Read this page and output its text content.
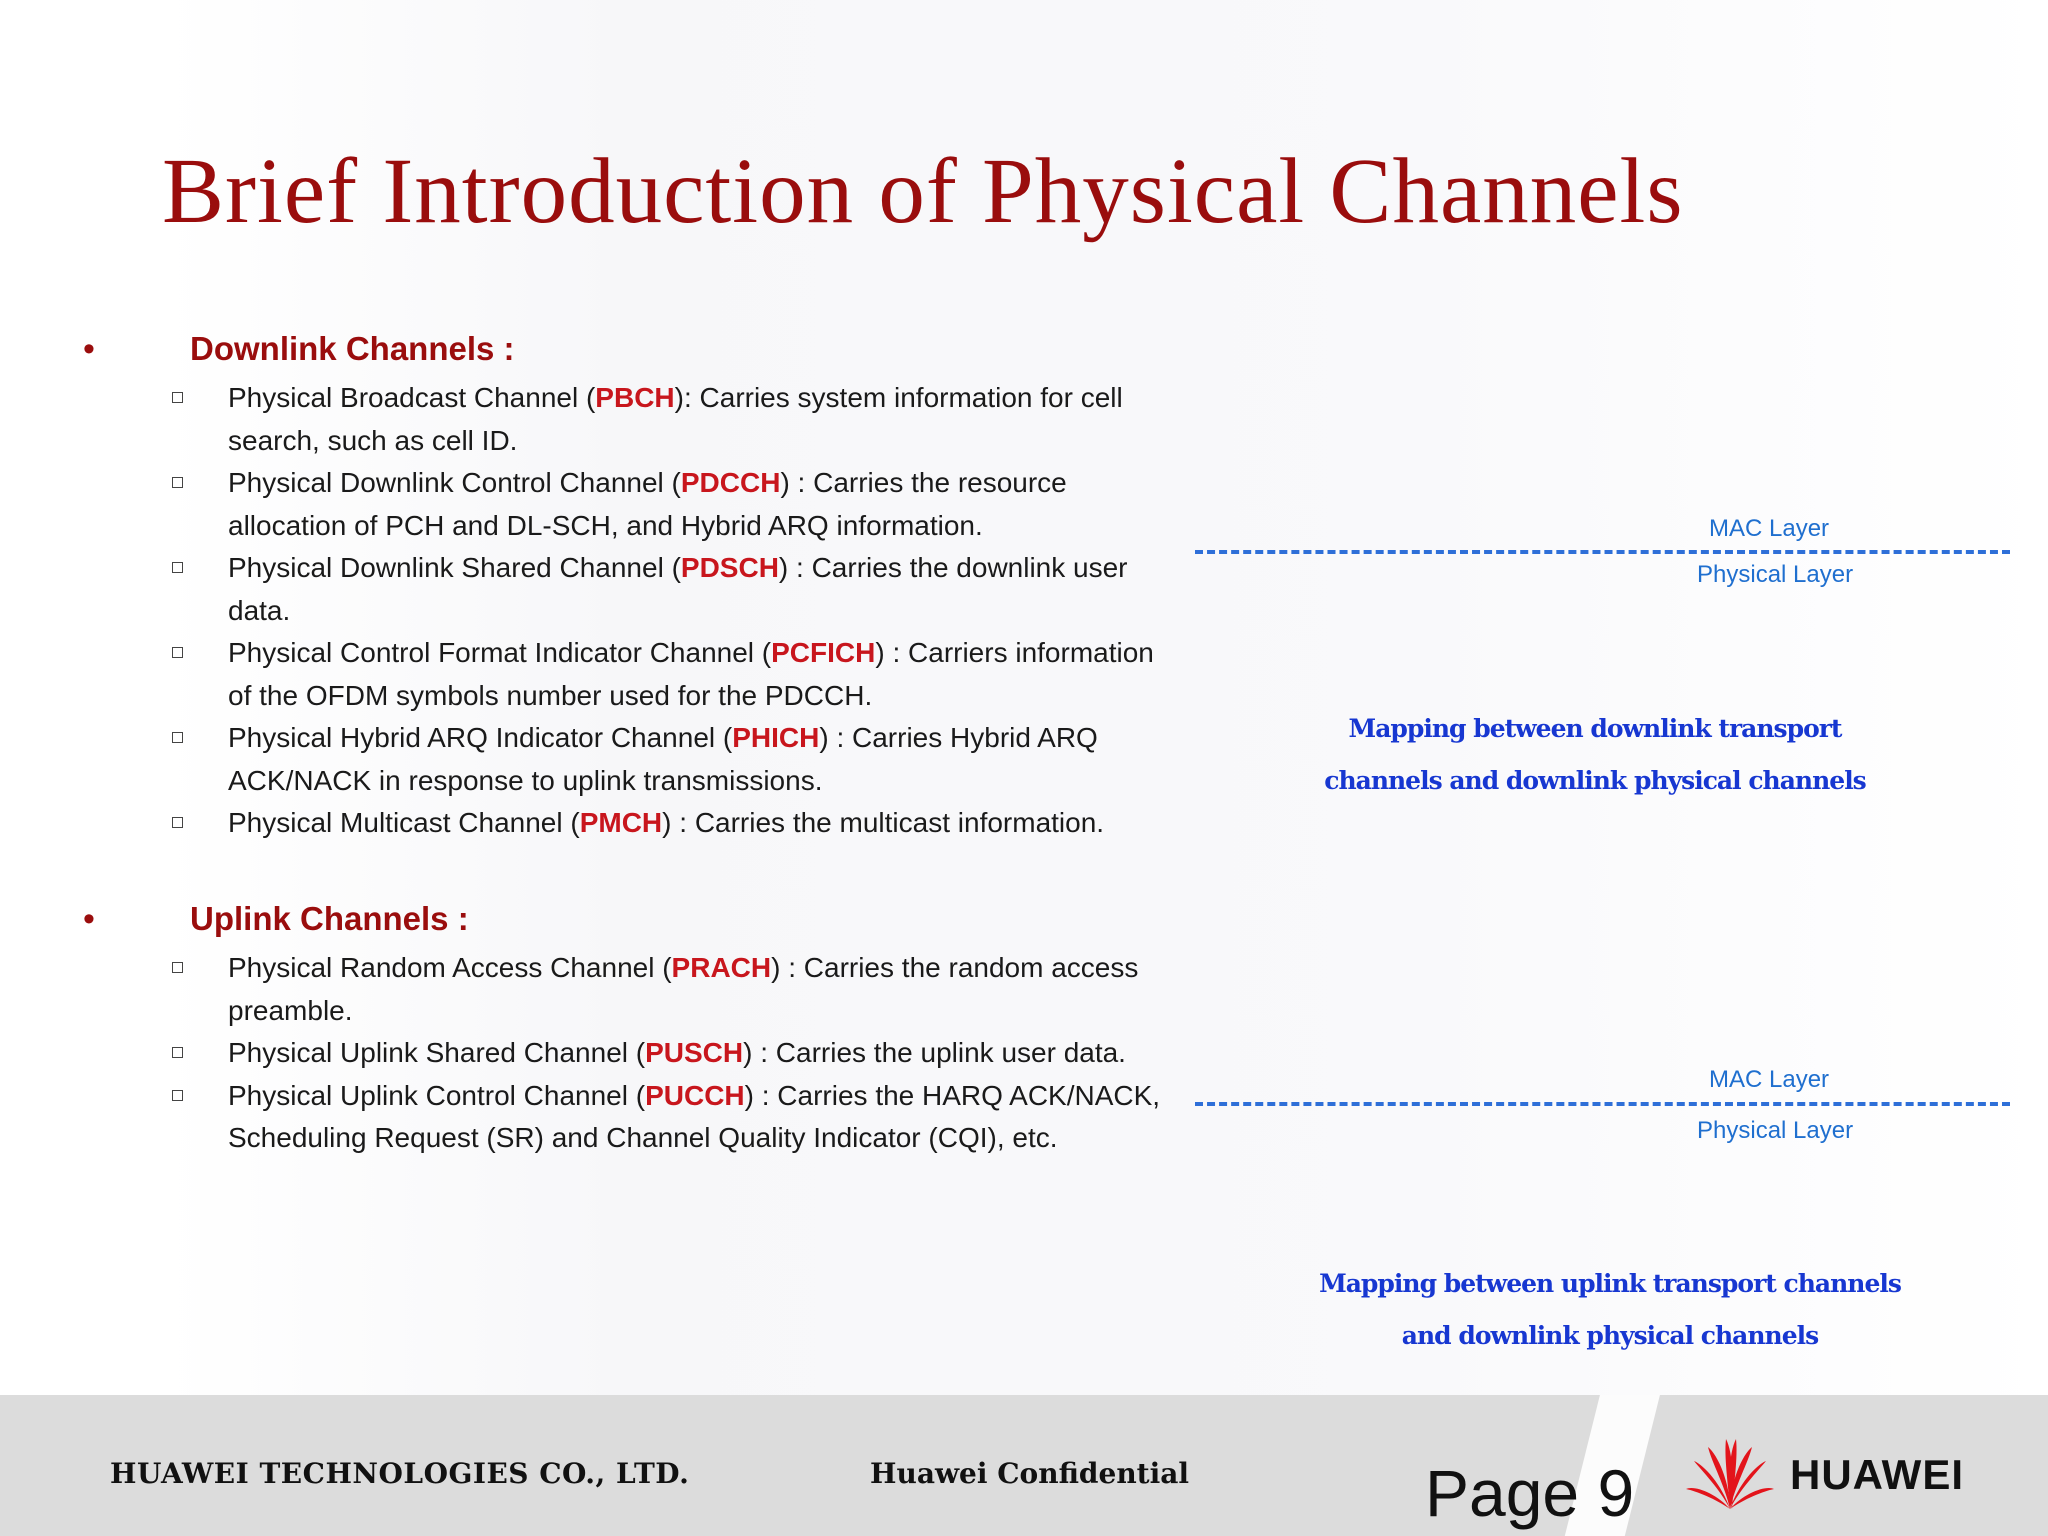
Brief Introduction of Physical Channels
•	Downlink Channels :
Physical Broadcast Channel (PBCH): Carries system information for cell search, such as cell ID.
Physical Downlink Control Channel (PDCCH) : Carries the resource allocation of PCH and DL-SCH, and Hybrid ARQ information.
Physical Downlink Shared Channel (PDSCH) : Carries the downlink user data.
Physical Control Format Indicator Channel (PCFICH) : Carriers information of the OFDM symbols number used for the PDCCH.
Physical Hybrid ARQ Indicator Channel (PHICH) : Carries Hybrid ARQ ACK/NACK in response to uplink transmissions.
Physical Multicast Channel (PMCH) : Carries the multicast information.
•	Uplink Channels :
Physical Random Access Channel (PRACH) : Carries the random access preamble.
Physical Uplink Shared Channel (PUSCH) : Carries the uplink user data.
Physical Uplink Control Channel (PUCCH) : Carries the HARQ ACK/NACK, Scheduling Request (SR) and Channel Quality Indicator (CQI), etc.
MAC Layer
Physical Layer
Mapping between downlink transport
channels and downlink physical channels
MAC Layer
Physical Layer
Mapping between uplink transport channels
and downlink physical channels
HUAWEI TECHNOLOGIES CO., LTD.	Huawei Confidential	Page 9	HUAWEI
